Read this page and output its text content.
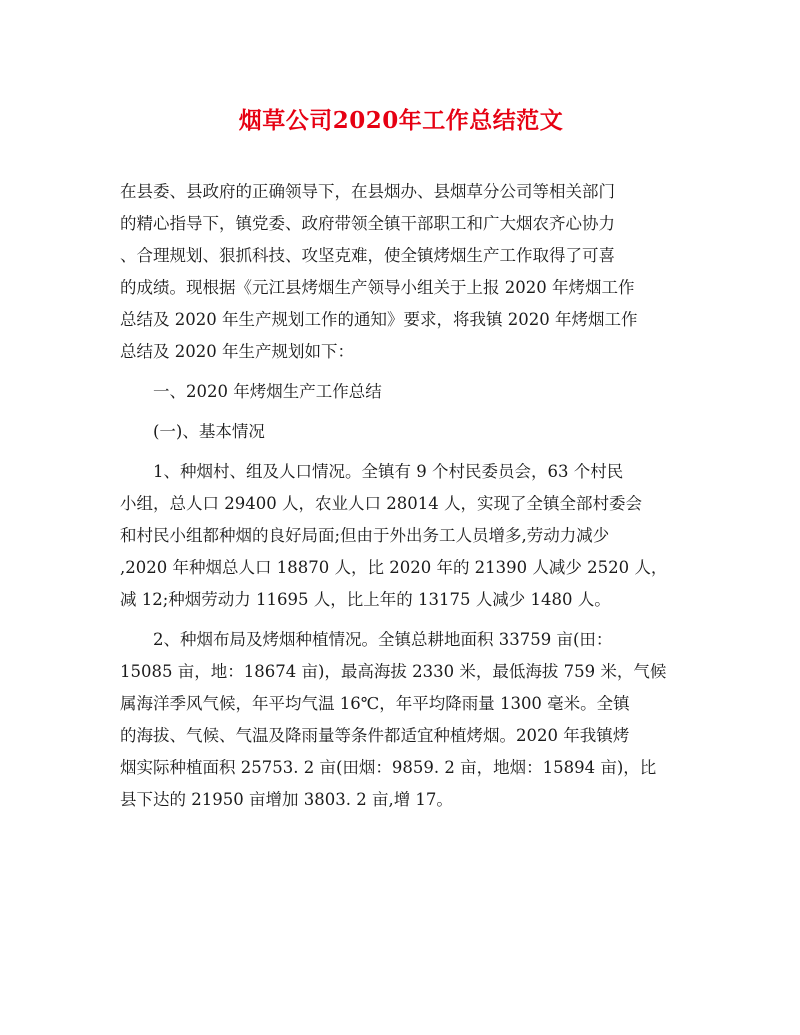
烟草公司2020年工作总结范文
在县委、县政府的正确领导下，在县烟办、县烟草分公司等相关部门
的精心指导下，镇党委、政府带领全镇干部职工和广大烟农齐心协力
、合理规划、狠抓科技、攻坚克难，使全镇烤烟生产工作取得了可喜
的成绩。现根据《元江县烤烟生产领导小组关于上报 2020 年烤烟工作
总结及 2020 年生产规划工作的通知》要求，将我镇 2020 年烤烟工作
总结及 2020 年生产规划如下：
一、2020 年烤烟生产工作总结
(一)、基本情况
1、种烟村、组及人口情况。全镇有 9 个村民委员会，63 个村民
小组，总人口 29400 人，农业人口 28014 人，实现了全镇全部村委会
和村民小组都种烟的良好局面;但由于外出务工人员增多,劳动力减少
,2020 年种烟总人口 18870 人，比 2020 年的 21390 人减少 2520 人，
减 12;种烟劳动力 11695 人，比上年的 13175 人减少 1480 人。
2、种烟布局及烤烟种植情况。全镇总耕地面积 33759 亩(田：
15085 亩，地：18674 亩)，最高海拔 2330 米，最低海拔 759 米，气候
属海洋季风气候，年平均气温 16℃，年平均降雨量 1300 毫米。全镇
的海拔、气候、气温及降雨量等条件都适宜种植烤烟。2020 年我镇烤
烟实际种植面积 25753. 2 亩(田烟：9859. 2 亩，地烟：15894 亩)，比
县下达的 21950 亩增加 3803. 2 亩,增 17。
